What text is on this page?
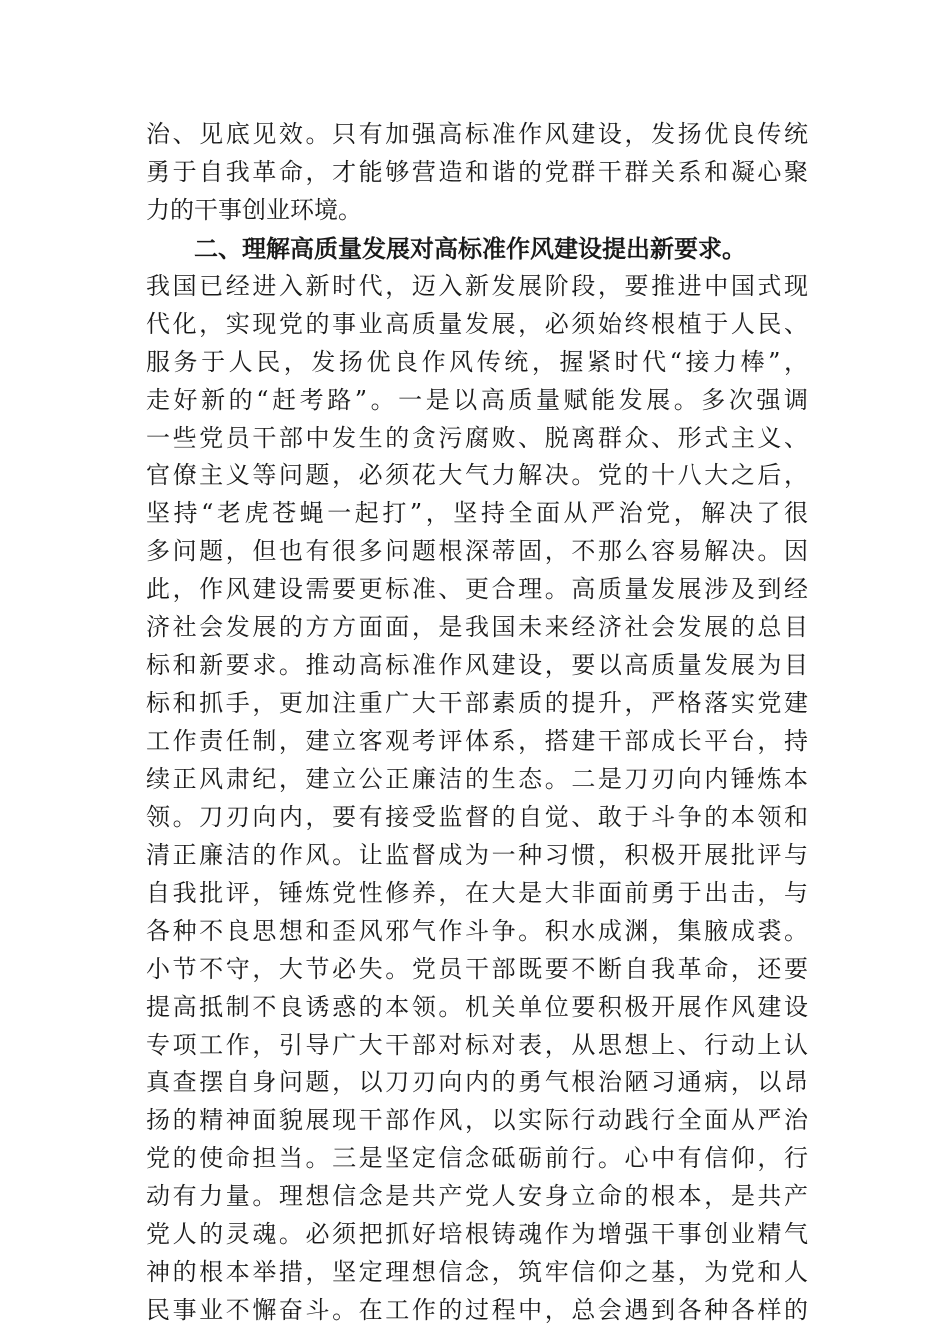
治、见底见效。只有加强高标准作风建设，发扬优良传统
勇于自我革命，才能够营造和谐的党群干群关系和凝心聚
力的干事创业环境。
二、理解高质量发展对高标准作风建设提出新要求。
我国已经进入新时代，迈入新发展阶段，要推进中国式现
代化，实现党的事业高质量发展，必须始终根植于人民、
服务于人民，发扬优良作风传统，握紧时代“接力棒”，
走好新的“赶考路”。一是以高质量赋能发展。多次强调
一些党员干部中发生的贪污腐败、脱离群众、形式主义、
官僚主义等问题，必须花大气力解决。党的十八大之后，
坚持“老虎苍蝇一起打”，坚持全面从严治党，解决了很
多问题，但也有很多问题根深蒂固，不那么容易解决。因
此，作风建设需要更标准、更合理。高质量发展涉及到经
济社会发展的方方面面，是我国未来经济社会发展的总目
标和新要求。推动高标准作风建设，要以高质量发展为目
标和抓手，更加注重广大干部素质的提升，严格落实党建
工作责任制，建立客观考评体系，搭建干部成长平台，持
续正风肃纪，建立公正廉洁的生态。二是刀刃向内锤炼本
领。刀刃向内，要有接受监督的自觉、敢于斗争的本领和
清正廉洁的作风。让监督成为一种习惯，积极开展批评与
自我批评，锤炼党性修养，在大是大非面前勇于出击，与
各种不良思想和歪风邪气作斗争。积水成渊，集腋成裘。
小节不守，大节必失。党员干部既要不断自我革命，还要
提高抵制不良诱惑的本领。机关单位要积极开展作风建设
专项工作，引导广大干部对标对表，从思想上、行动上认
真查摆自身问题，以刀刃向内的勇气根治陋习通病，以昂
扬的精神面貌展现干部作风，以实际行动践行全面从严治
党的使命担当。三是坚定信念砥砺前行。心中有信仰，行
动有力量。理想信念是共产党人安身立命的根本，是共产
党人的灵魂。必须把抓好培根铸魂作为增强干事创业精气
神的根本举措，坚定理想信念，筑牢信仰之基，为党和人
民事业不懈奋斗。在工作的过程中，总会遇到各种各样的
